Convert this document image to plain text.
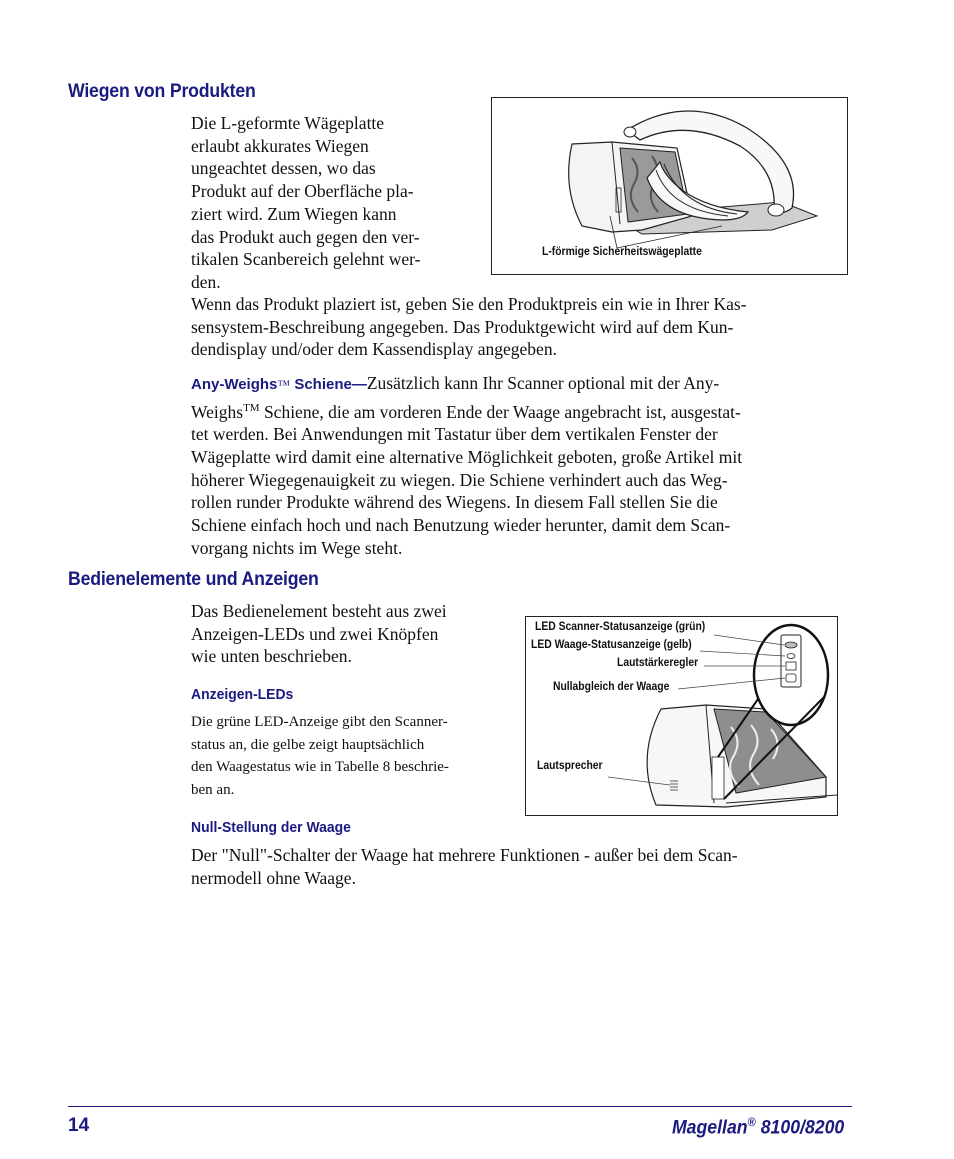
Wiegen von Produkten
Die L-geformte Wägeplatte
erlaubt akkurates Wiegen
ungeachtet dessen, wo das
Produkt auf der Oberfläche pla-
ziert wird. Zum Wiegen kann
das Produkt auch gegen den ver-
tikalen Scanbereich gelehnt wer-
den.
L-förmige Sicherheitswägeplatte
Wenn das Produkt plaziert ist, geben Sie den Produktpreis ein wie in Ihrer Kas-
sensystem-Beschreibung angegeben. Das Produktgewicht wird auf dem Kun-
dendisplay und/oder dem Kassendisplay angegeben.
Any-Weighs™ Schiene—Zusätzlich kann Ihr Scanner optional mit der Any-
Weighs™ Schiene, die am vorderen Ende der Waage angebracht ist, ausgestat-
tet werden. Bei Anwendungen mit Tastatur über dem vertikalen Fenster der
Wägeplatte wird damit eine alternative Möglichkeit geboten, große Artikel mit
höherer Wiegegenauigkeit zu wiegen. Die Schiene verhindert auch das Weg-
rollen runder Produkte während des Wiegens. In diesem Fall stellen Sie die
Schiene einfach hoch und nach Benutzung wieder herunter, damit dem Scan-
vorgang nichts im Wege steht.
Bedienelemente und Anzeigen
Das Bedienelement besteht aus zwei
Anzeigen-LEDs und zwei Knöpfen
wie unten beschrieben.
Anzeigen-LEDs
Die grüne LED-Anzeige gibt den Scanner-
status an, die gelbe zeigt hauptsächlich
den Waagestatus wie in Tabelle 8 beschrie-
ben an.
LED Scanner-Statusanzeige (grün)
LED Waage-Statusanzeige (gelb)
Lautstärkeregler
Nullabgleich der Waage
Lautsprecher
Null-Stellung der Waage
Der "Null"-Schalter der Waage hat mehrere Funktionen - außer bei dem Scan-
nermodell ohne Waage.
14	Magellan® 8100/8200
